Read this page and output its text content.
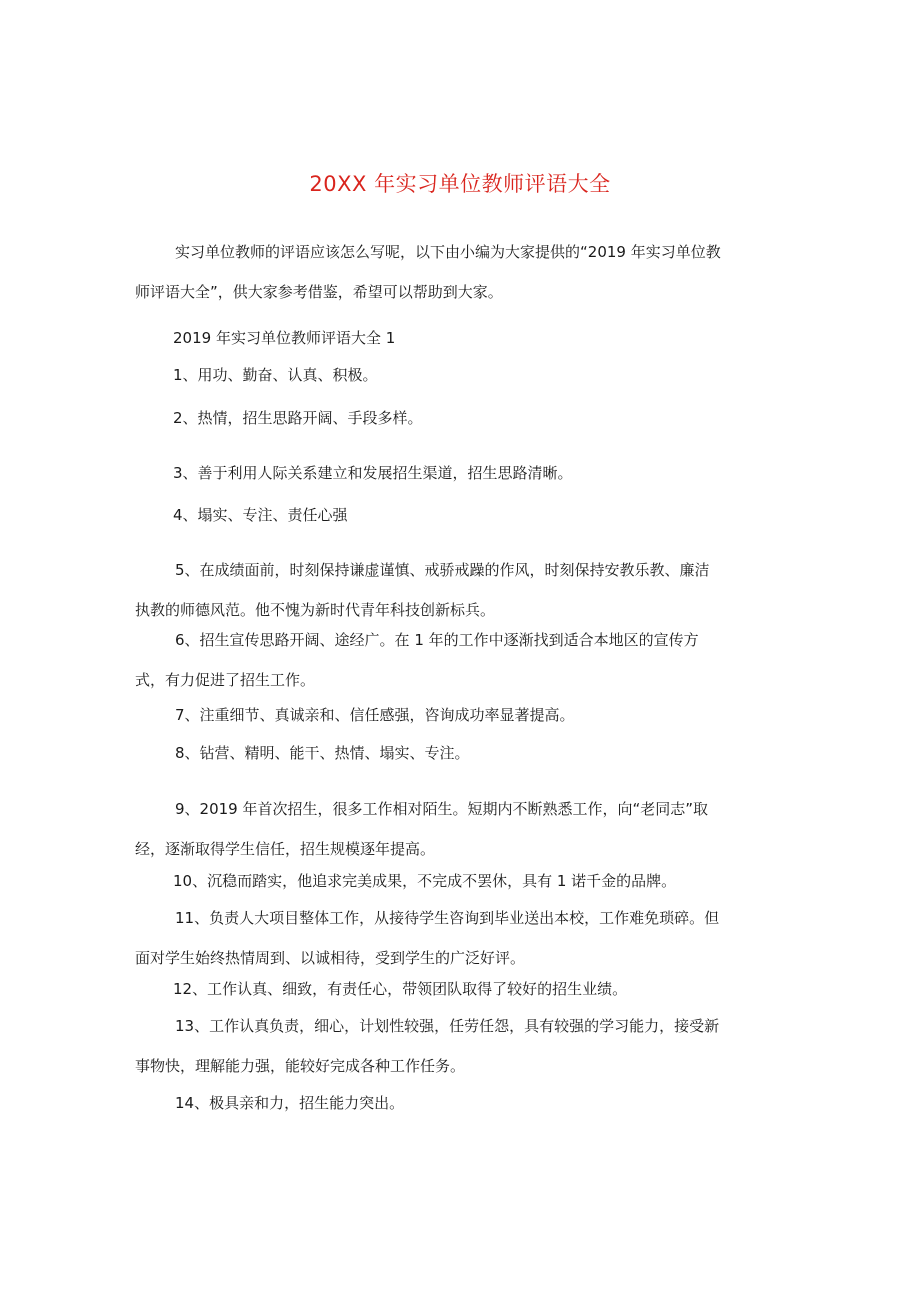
20XX 年实习单位教师评语大全

实习单位教师的评语应该怎么写呢，以下由小编为大家提供的“2019 年实习单位教
师评语大全”，供大家参考借鉴，希望可以帮助到大家。

2019 年实习单位教师评语大全 1

1、用功、勤奋、认真、积极。

2、热情，招生思路开阔、手段多样。

3、善于利用人际关系建立和发展招生渠道，招生思路清晰。

4、塌实、专注、责任心强

5、在成绩面前，时刻保持谦虚谨慎、戒骄戒躁的作风，时刻保持安教乐教、廉洁
执教的师德风范。他不愧为新时代青年科技创新标兵。

6、招生宣传思路开阔、途经广。在 1 年的工作中逐渐找到适合本地区的宣传方
式，有力促进了招生工作。

7、注重细节、真诚亲和、信任感强，咨询成功率显著提高。

8、钻营、精明、能干、热情、塌实、专注。

9、2019 年首次招生，很多工作相对陌生。短期内不断熟悉工作，向“老同志”取
经，逐渐取得学生信任，招生规模逐年提高。

10、沉稳而踏实，他追求完美成果，不完成不罢休，具有 1 诺千金的品牌。

11、负责人大项目整体工作，从接待学生咨询到毕业送出本校，工作难免琐碎。但
面对学生始终热情周到、以诚相待，受到学生的广泛好评。

12、工作认真、细致，有责任心，带领团队取得了较好的招生业绩。

13、工作认真负责，细心，计划性较强，任劳任怨，具有较强的学习能力，接受新
事物快，理解能力强，能较好完成各种工作任务。

14、极具亲和力，招生能力突出。
